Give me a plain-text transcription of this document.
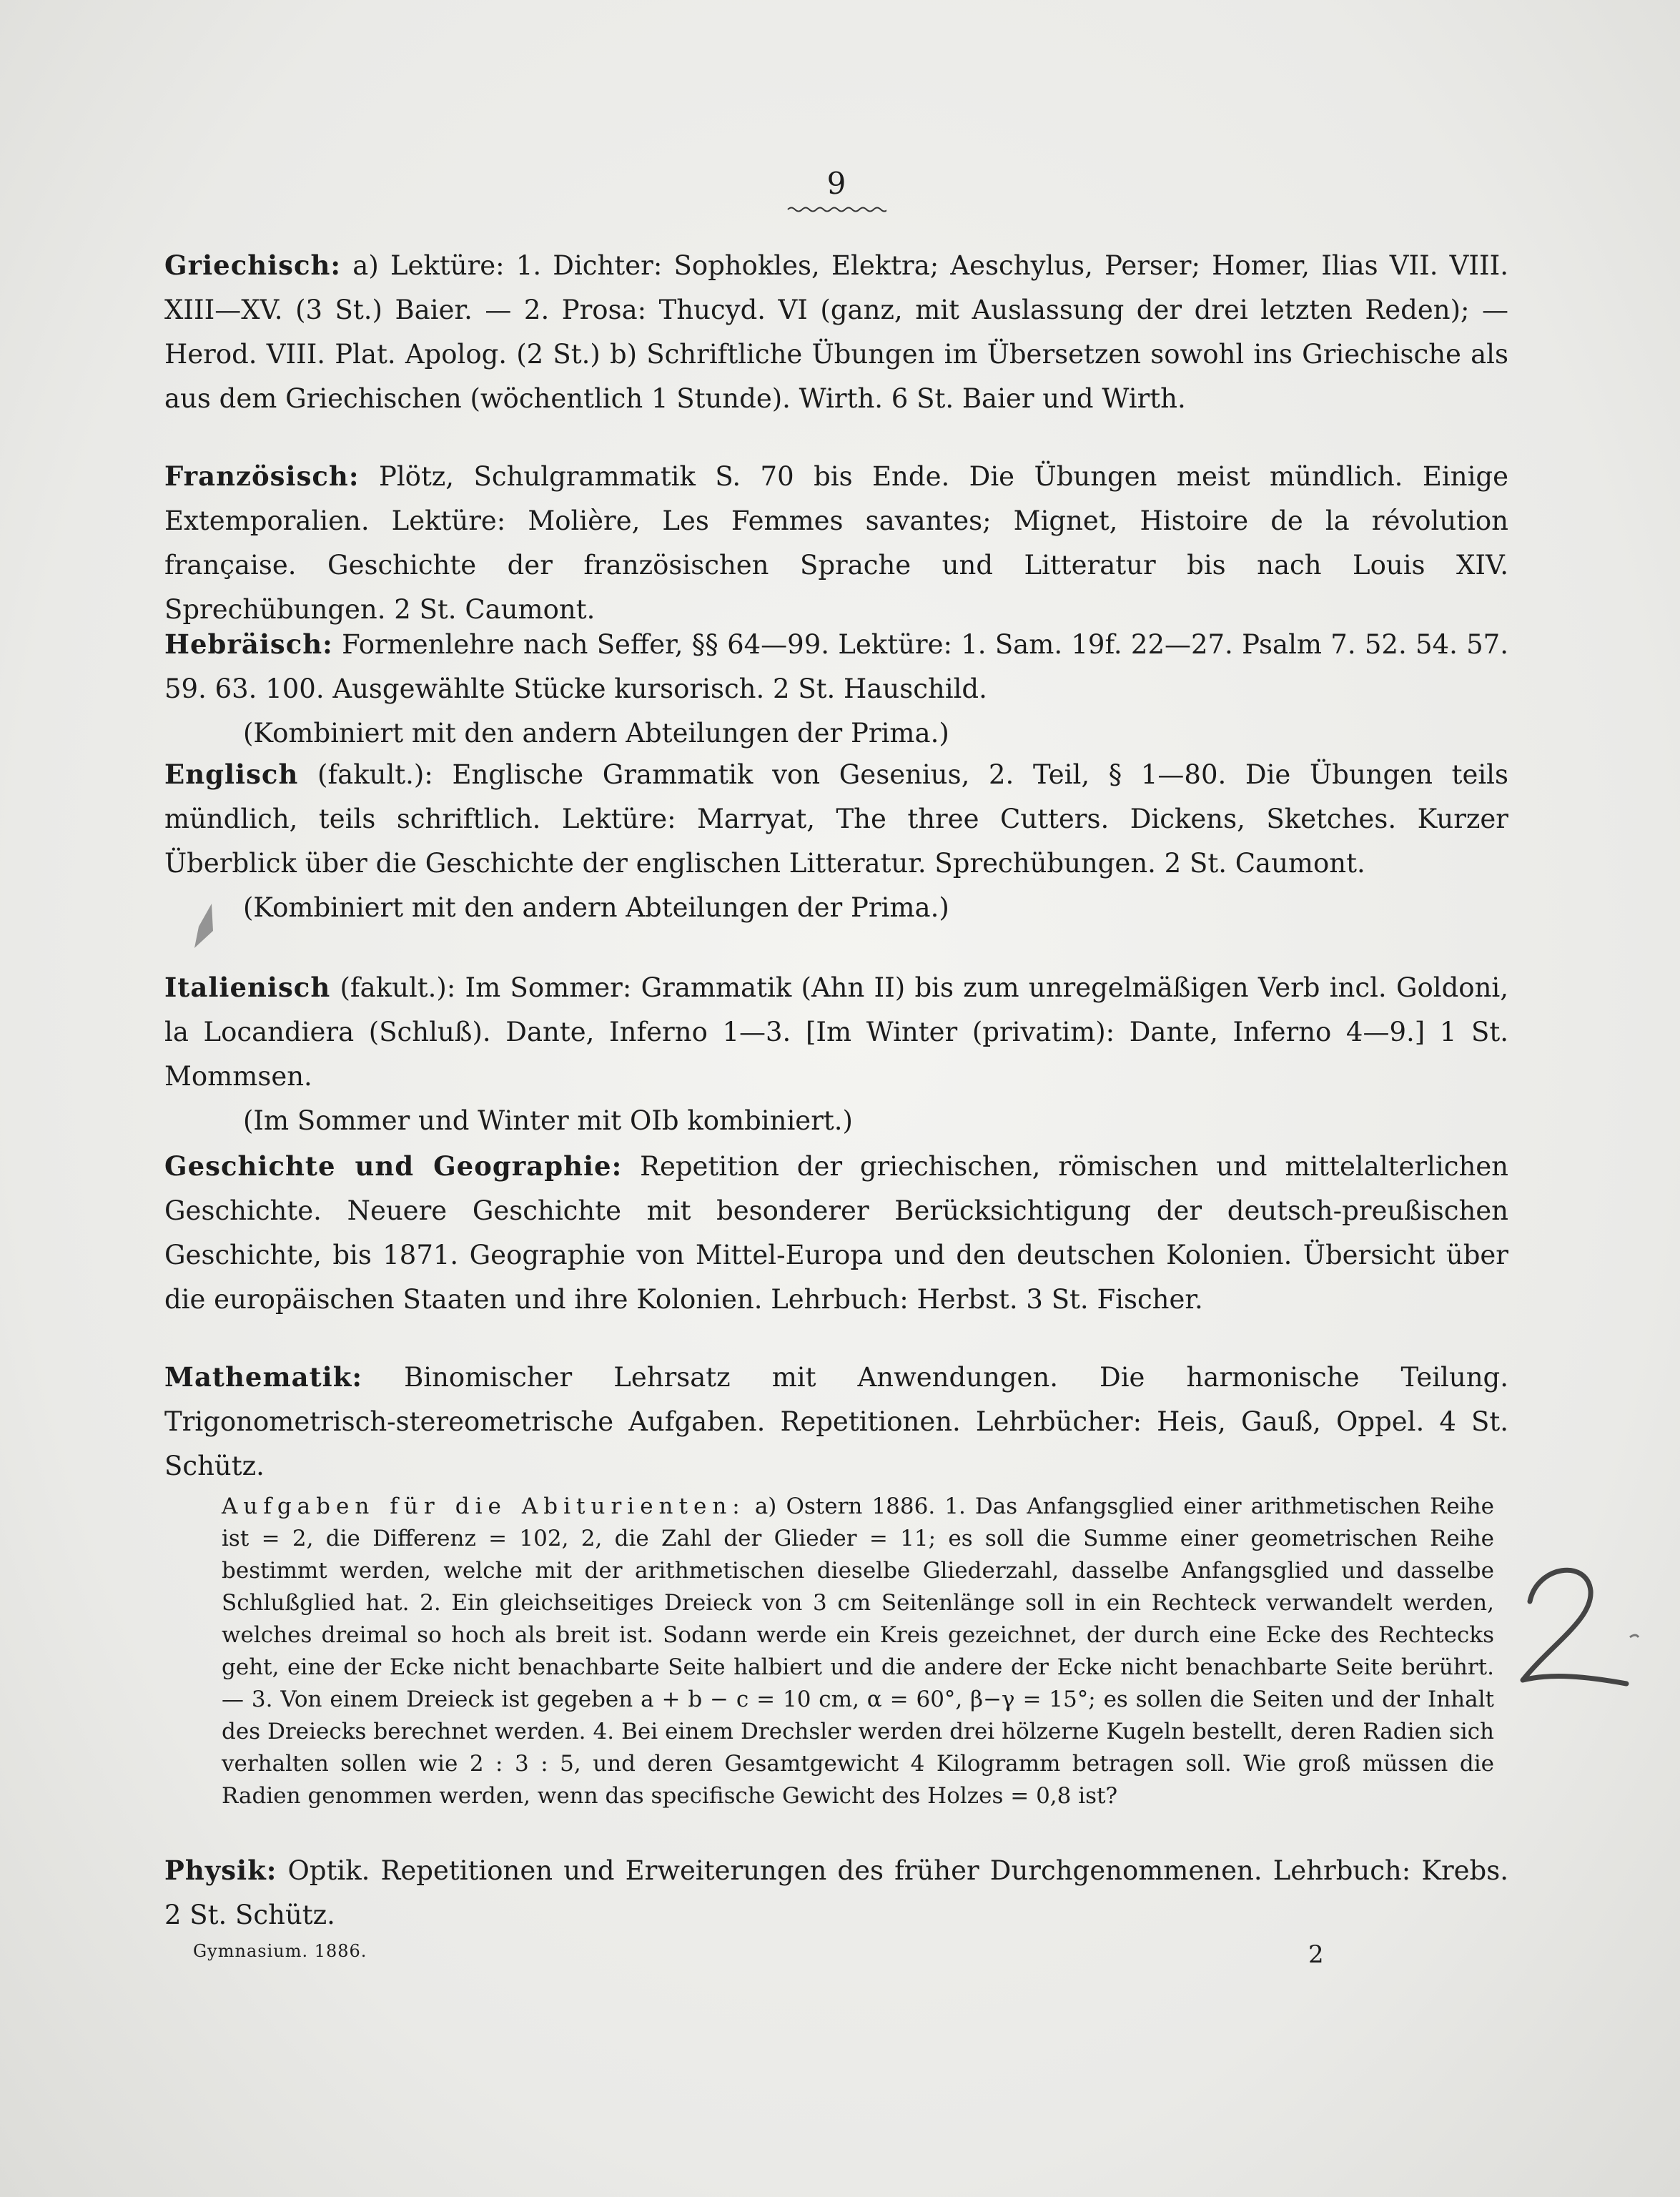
9

Griechisch: a) Lektüre: 1. Dichter: Sophokles, Elektra; Aeschylus, Perser; Homer, Ilias VII. VIII. XIII—XV. (3 St.) Baier. — 2. Prosa: Thucyd. VI (ganz, mit Auslassung der drei letzten Reden); — Herod. VIII. Plat. Apolog. (2 St.) b) Schriftliche Übungen im Übersetzen sowohl ins Griechische als aus dem Griechischen (wöchentlich 1 Stunde). Wirth. 6 St. Baier und Wirth.

Französisch: Plötz, Schulgrammatik S. 70 bis Ende. Die Übungen meist mündlich. Einige Extemporalien. Lektüre: Molière, Les Femmes savantes; Mignet, Histoire de la révolution française. Geschichte der französischen Sprache und Litteratur bis nach Louis XIV. Sprechübungen. 2 St. Caumont.

Hebräisch: Formenlehre nach Seffer, §§ 64—99. Lektüre: 1. Sam. 19f. 22—27. Psalm 7. 52. 54. 57. 59. 63. 100. Ausgewählte Stücke kursorisch. 2 St. Hauschild.

(Kombiniert mit den andern Abteilungen der Prima.)

Englisch (fakult.): Englische Grammatik von Gesenius, 2. Teil, § 1—80. Die Übungen teils mündlich, teils schriftlich. Lektüre: Marryat, The three Cutters. Dickens, Sketches. Kurzer Überblick über die Geschichte der englischen Litteratur. Sprechübungen. 2 St. Caumont.

(Kombiniert mit den andern Abteilungen der Prima.)

Italienisch (fakult.): Im Sommer: Grammatik (Ahn II) bis zum unregelmäßigen Verb incl. Goldoni, la Locandiera (Schluß). Dante, Inferno 1—3. [Im Winter (privatim): Dante, Inferno 4—9.] 1 St. Mommsen.

(Im Sommer und Winter mit OIb kombiniert.)

Geschichte und Geographie: Repetition der griechischen, römischen und mittelalterlichen Geschichte. Neuere Geschichte mit besonderer Berücksichtigung der deutsch-preußischen Geschichte, bis 1871. Geographie von Mittel-Europa und den deutschen Kolonien. Übersicht über die europäischen Staaten und ihre Kolonien. Lehrbuch: Herbst. 3 St. Fischer.

Mathematik: Binomischer Lehrsatz mit Anwendungen. Die harmonische Teilung. Trigonometrisch-stereometrische Aufgaben. Repetitionen. Lehrbücher: Heis, Gauß, Oppel. 4 St. Schütz.

Aufgaben für die Abiturienten: a) Ostern 1886. 1. Das Anfangsglied einer arithmetischen Reihe ist = 2, die Differenz = 102, 2, die Zahl der Glieder = 11; es soll die Summe einer geometrischen Reihe bestimmt werden, welche mit der arithmetischen dieselbe Gliederzahl, dasselbe Anfangsglied und dasselbe Schlußglied hat. 2. Ein gleichseitiges Dreieck von 3 cm Seitenlänge soll in ein Rechteck verwandelt werden, welches dreimal so hoch als breit ist. Sodann werde ein Kreis gezeichnet, der durch eine Ecke des Rechtecks geht, eine der Ecke nicht benachbarte Seite halbiert und die andere der Ecke nicht benachbarte Seite berührt. — 3. Von einem Dreieck ist gegeben a + b − c = 10 cm, α = 60°, β−γ = 15°; es sollen die Seiten und der Inhalt des Dreiecks berechnet werden. 4. Bei einem Drechsler werden drei hölzerne Kugeln bestellt, deren Radien sich verhalten sollen wie 2 : 3 : 5, und deren Gesamtgewicht 4 Kilogramm betragen soll. Wie groß müssen die Radien genommen werden, wenn das specifische Gewicht des Holzes = 0,8 ist?

Physik: Optik. Repetitionen und Erweiterungen des früher Durchgenommenen. Lehrbuch: Krebs. 2 St. Schütz.

Gymnasium. 1886.	2
